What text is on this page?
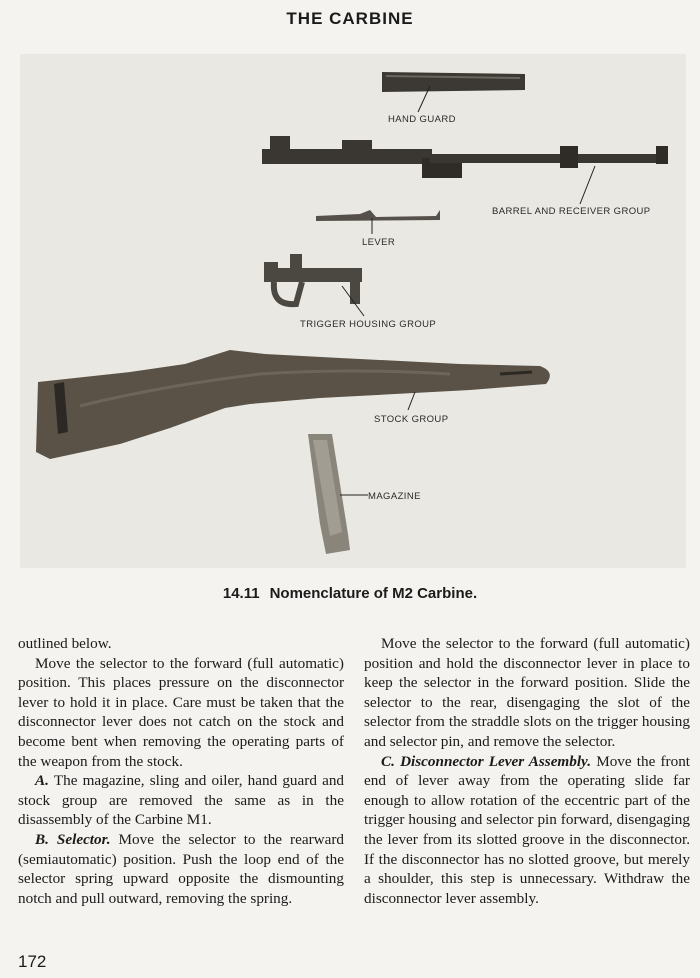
THE CARBINE
HAND GUARD
BARREL AND RECEIVER GROUP
LEVER
TRIGGER HOUSING GROUP
STOCK GROUP
MAGAZINE
14.11 Nomenclature of M2 Carbine.

outlined below.

Move the selector to the forward (full automatic) position. This places pressure on the disconnector lever to hold it in place. Care must be taken that the disconnector lever does not catch on the stock and become bent when removing the operating parts of the weapon from the stock.

A. The magazine, sling and oiler, hand guard and stock group are removed the same as in the disassembly of the Carbine M1.

B. Selector. Move the selector to the rearward (semiautomatic) position. Push the loop end of the selector spring upward opposite the dismounting notch and pull outward, removing the spring.

Move the selector to the forward (full automatic) position and hold the disconnector lever in place to keep the selector in the forward position. Slide the selector to the rear, disengaging the slot of the selector from the straddle slots on the trigger housing and selector pin, and remove the selector.

C. Disconnector Lever Assembly. Move the front end of lever away from the operating slide far enough to allow rotation of the eccentric part of the trigger housing and selector pin forward, disengaging the lever from its slotted groove in the disconnector. If the disconnector has no slotted groove, but merely a shoulder, this step is unnecessary. Withdraw the disconnector lever assembly.

172
